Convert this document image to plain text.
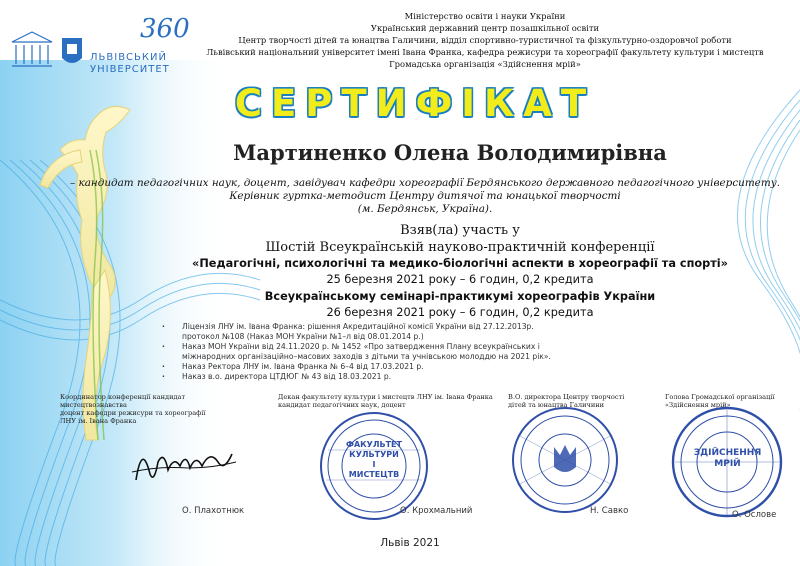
360
ЛЬВІВСЬКИЙ
УНІВЕРСИТЕТ
Міністерство освіти і науки України
Український державний центр позашкільної освіти
Центр творчості дітей та юнацтва Галичини, відділ спортивно-туристичної та фізкультурно-оздоровчої роботи
Львівський національний університет імені Івана Франка, кафедра режисури та хореографії факультету культури і мистецтв
Громадська організація «Здійснення мрій»
СЕРТИФІКАТ
Мартиненко Олена Володимирівна
– кандидат педагогічних наук, доцент, завідувач кафедри хореографії Бердянського державного педагогічного університету.
Керівник гуртка-методист Центру дитячої та юнацької творчості
(м. Бердянськ, Україна).
Взяв(ла) участь у
Шостій Всеукраїнській науково-практичній конференції
«Педагогічні, психологічні та медико-біологічні аспекти в хореографії та спорті»
25 березня 2021 року – 6 годин, 0,2 кредита
Всеукраїнському семінарі-практикумі хореографів України
26 березня 2021 року – 6 годин, 0,2 кредита
· Ліцензія ЛНУ ім. Івана Франка: рішення Акредитаційної комісії України від 27.12.2013р.
протокол №108 (Наказ МОН України №1–л від 08.01.2014 р.)
· Наказ МОН України від 24.11.2020 р. № 1452 «Про затвердження Плану всеукраїнських і
міжнародних організаційно–масових заходів з дітьми та учнівською молоддю на 2021 рік».
· Наказ Ректора ЛНУ ім. Івана Франка № 6–4 від 17.03.2021 р.
· Наказ в.о. директора ЦТДЮГ № 43 від 18.03.2021 р.
Координатор конференції кандидат мистецтвознавства
доцент кафедри режисури та хореографії
ЛНУ ім. Івана Франка
Декан факультету культури і мистецтв ЛНУ ім. Івана Франка
кандидат педагогічних наук, доцент
В.О. директора Центру творчості
дітей та юнацтва Галичини
Голова Громадської організації
«Здійснення мрій»
ФАКУЛЬТЕТ
КУЛЬТУРИ
І
МИСТЕЦТВ
ЗДІЙСНЕННЯ
МРІЙ
О. Плахотнюк	О. Крохмальний	Н. Савко	О. Ослове
Львів 2021
